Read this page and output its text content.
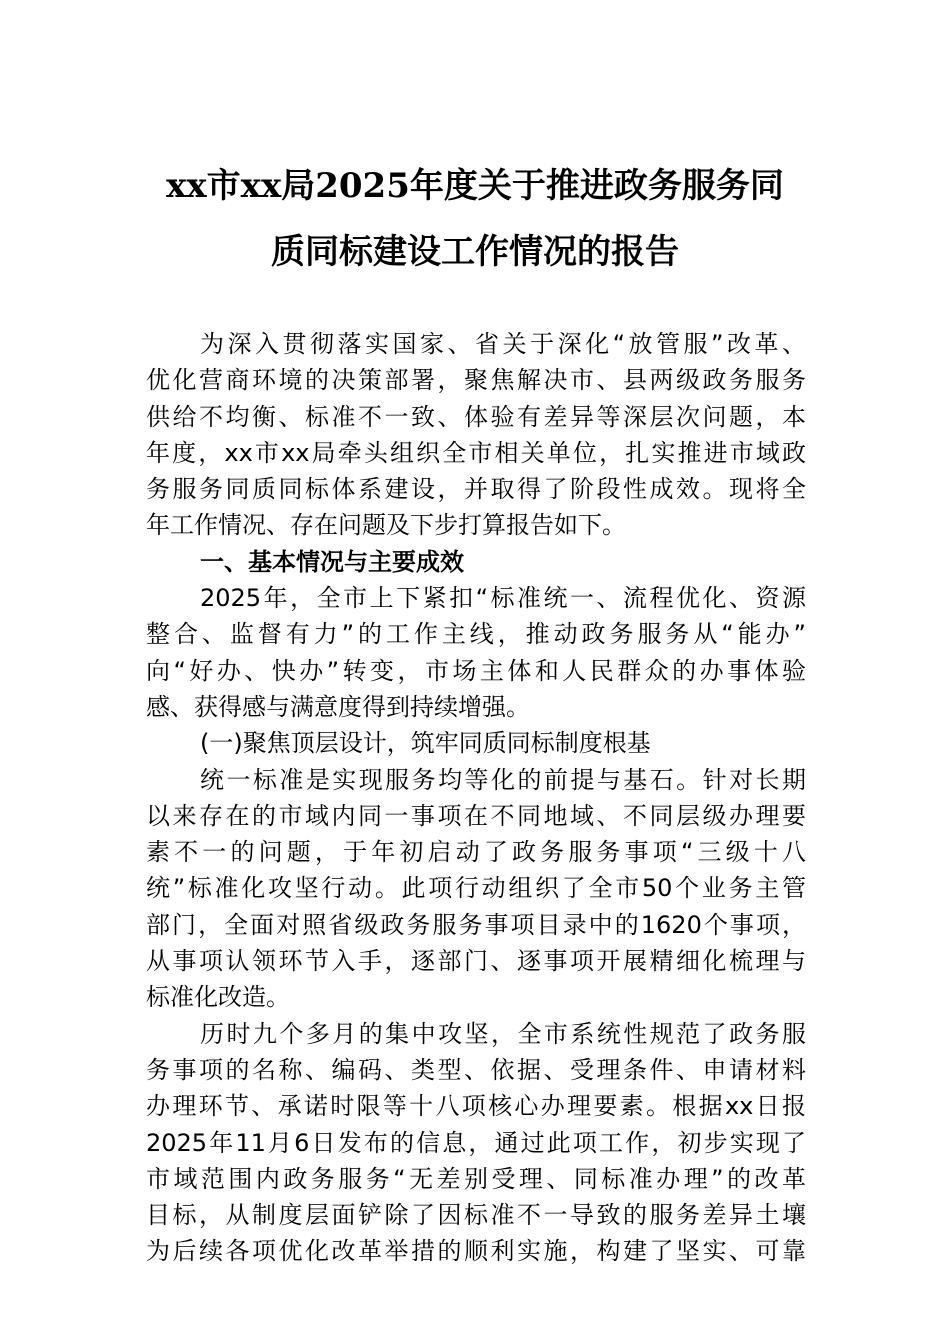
xx市xx局2025年度关于推进政务服务同
质同标建设工作情况的报告
为深入贯彻落实国家、省关于深化“放管服”改革、
优化营商环境的决策部署，聚焦解决市、县两级政务服务
供给不均衡、标准不一致、体验有差异等深层次问题，本
年度，xx市xx局牵头组织全市相关单位，扎实推进市域政
务服务同质同标体系建设，并取得了阶段性成效。现将全
年工作情况、存在问题及下步打算报告如下。
一、基本情况与主要成效
2025年，全市上下紧扣“标准统一、流程优化、资源
整合、监督有力”的工作主线，推动政务服务从“能办”
向“好办、快办”转变，市场主体和人民群众的办事体验
感、获得感与满意度得到持续增强。
(一)聚焦顶层设计，筑牢同质同标制度根基
统一标准是实现服务均等化的前提与基石。针对长期
以来存在的市域内同一事项在不同地域、不同层级办理要
素不一的问题，于年初启动了政务服务事项“三级十八
统”标准化攻坚行动。此项行动组织了全市50个业务主管
部门，全面对照省级政务服务事项目录中的1620个事项，
从事项认领环节入手，逐部门、逐事项开展精细化梳理与
标准化改造。
历时九个多月的集中攻坚，全市系统性规范了政务服
务事项的名称、编码、类型、依据、受理条件、申请材料
办理环节、承诺时限等十八项核心办理要素。根据xx日报
2025年11月6日发布的信息，通过此项工作，初步实现了
市域范围内政务服务“无差别受理、同标准办理”的改革
目标，从制度层面铲除了因标准不一导致的服务差异土壤
为后续各项优化改革举措的顺利实施，构建了坚实、可靠
